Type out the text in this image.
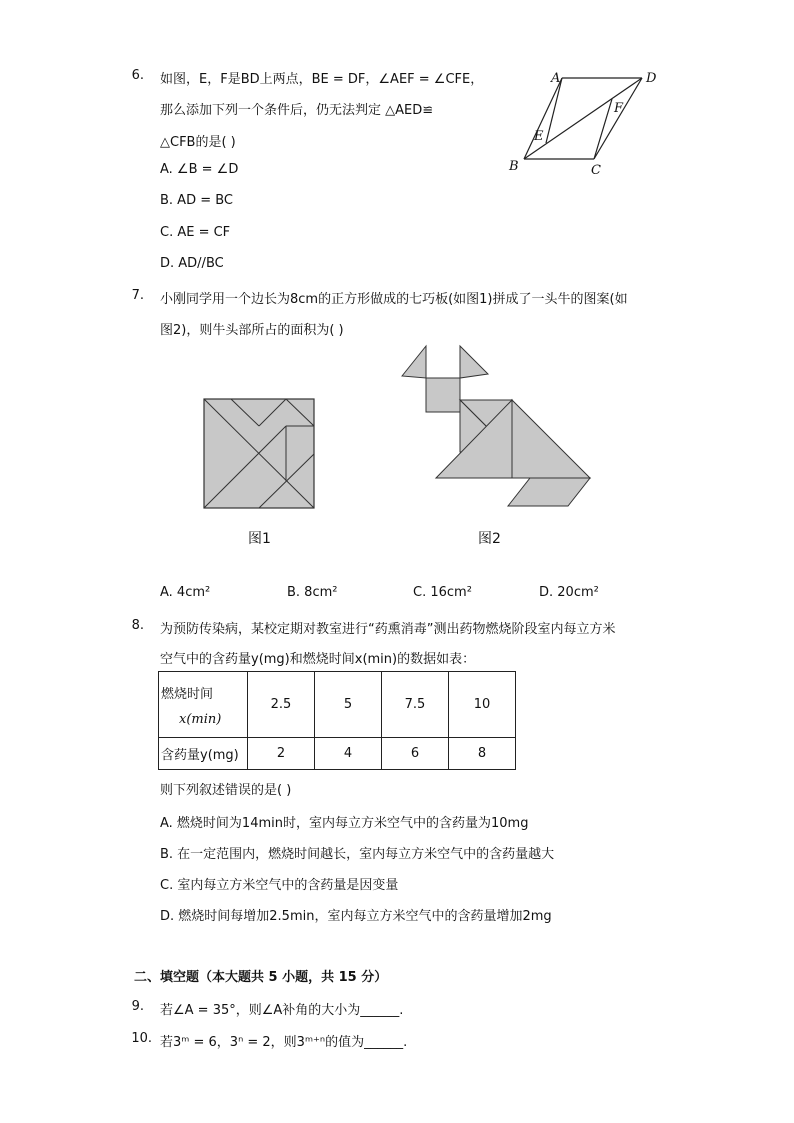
6. 如图，E，F是BD上两点，BE = DF，∠AEF = ∠CFE，
那么添加下列一个条件后，仍无法判定 △AED≌
△CFB的是( )
A. ∠B = ∠D
B. AD = BC
C. AE = CF
D. AD//BC
A	D
F
E
B	C
7. 小刚同学用一个边长为8cm的正方形做成的七巧板(如图1)拼成了一头牛的图案(如
图2)，则牛头部所占的面积为( )
图1	图2
A. 4cm²	B. 8cm²	C. 16cm²	D. 20cm²
8. 为预防传染病，某校定期对教室进行“药熏消毒”测出药物燃烧阶段室内每立方米
空气中的含药量y(mg)和燃烧时间x(min)的数据如表：
燃烧时间
x(min)	2.5	5	7.5	10
含药量y(mg)	2	4	6	8
则下列叙述错误的是( )
A. 燃烧时间为14min时，室内每立方米空气中的含药量为10mg
B. 在一定范围内，燃烧时间越长，室内每立方米空气中的含药量越大
C. 室内每立方米空气中的含药量是因变量
D. 燃烧时间每增加2.5min，室内每立方米空气中的含药量增加2mg
二、填空题（本大题共 5 小题，共 15 分）
9. 若∠A = 35°，则∠A补角的大小为______.
10. 若3ᵐ = 6，3ⁿ = 2，则3ᵐ⁺ⁿ的值为______.
